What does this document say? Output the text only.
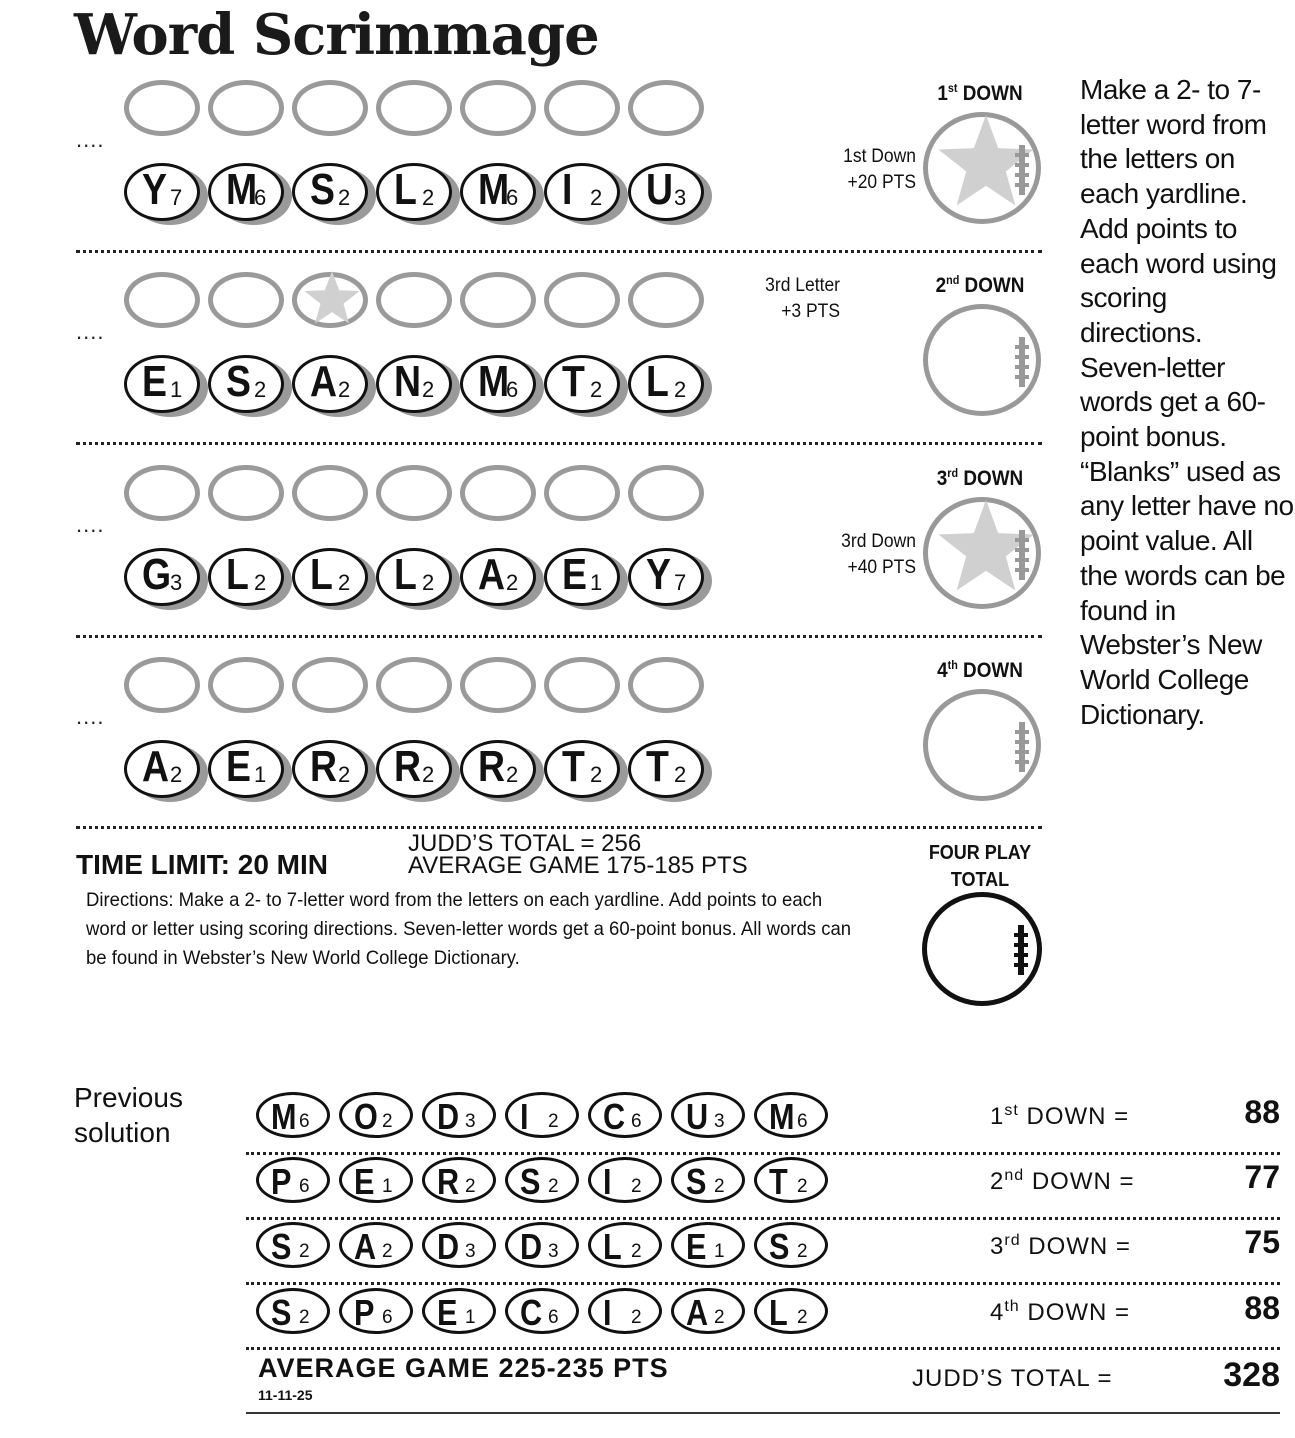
Word Scrimmage
....
Y 7 M
6 S 2 L 2 M
6 I 2 U 3
1st DOWN
1st Down
+20 PTS
....
E 1 S 2 A 2 N 2 M
6 T 2 L 2
2nd DOWN
3rd Letter
+3 PTS
....
G
3 L 2 L 2 L 2 A 2 E 1 Y 7
3rd DOWN
3rd Down
+40 PTS
....
A 2 E 1 R 2 R 2 R 2 T 2 T 2
4th DOWN
Make a 2- to 7-letter word from the letters on each yardline. Add points to each word using scoring directions. Seven-letter words get a 60-point bonus. “Blanks” used as any letter have no point value. All the words can be found in Webster’s New World College Dictionary.
TIME LIMIT: 20 MIN
JUDD’S TOTAL = 256
AVERAGE GAME 175-185 PTS
Directions: Make a 2- to 7-letter word from the letters on each yardline. Add points to each word or letter using scoring directions. Seven-letter words get a 60-point bonus. All words can be found in Webster’s New World College Dictionary.
FOUR PLAY
TOTAL
Previous
solution	M 6 O 2 D 3 I 2 C 6 U 3 M 6	1st DOWN =	88
P 6 E 1 R 2 S 2 I 2 S 2 T 2	2nd DOWN =	77
S 2 A 2 D 3 D 3 L 2 E 1 S 2	3rd DOWN =	75
S 2 P 6 E 1 C 6 I 2 A 2 L 2	4th DOWN =	88
AVERAGE GAME 225-235 PTS
11-11-25
JUDD’S TOTAL =	328
